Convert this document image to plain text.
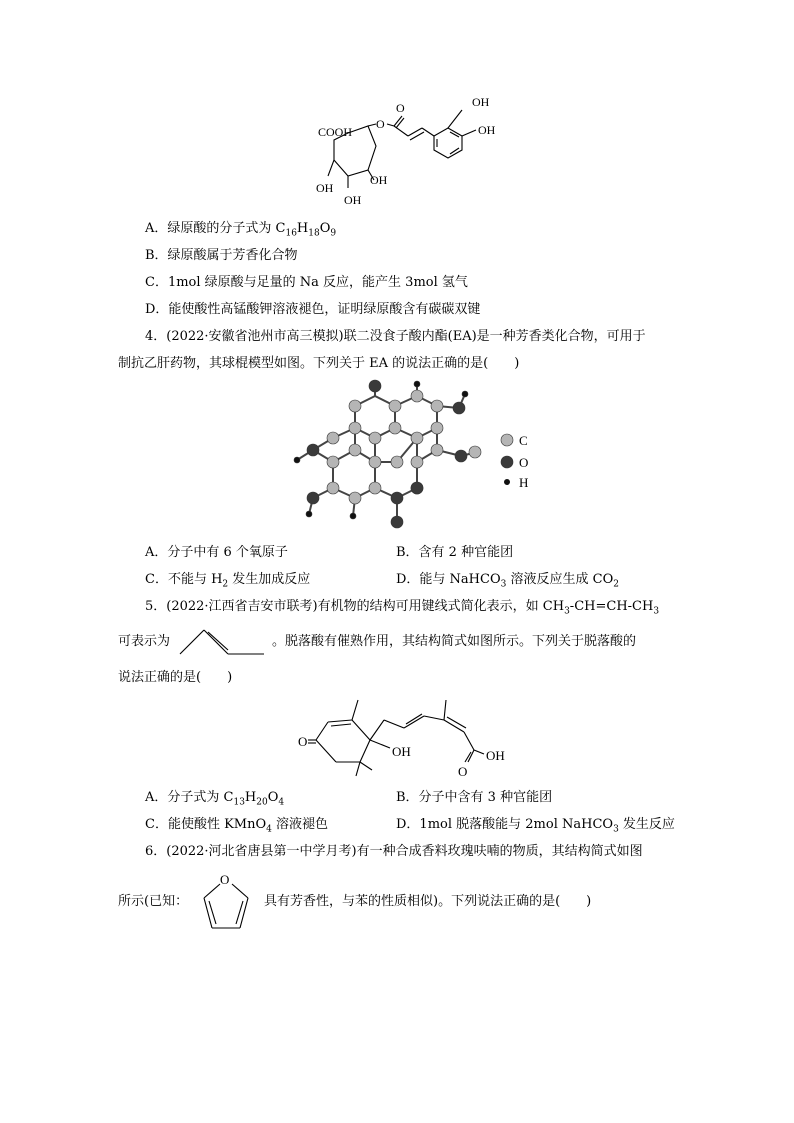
OH
OH
COOH
O
O
OH
OH
OH
A．绿原酸的分子式为 $C_{16}H_{18}O_9$
B．绿原酸属于芳香化合物
C．1mol 绿原酸与足量的 Na 反应，能产生 3mol 氢气
D．能使酸性高锰酸钾溶液褪色，证明绿原酸含有碳碳双键
4．(2022·安徽省池州市高三模拟)联二没食子酸内酯(EA)是一种芳香类化合物，可用于
制抗乙肝药物，其球棍模型如图。下列关于 EA 的说法正确的是(　　)
C
O
H
A．分子中有 6 个氧原子	B．含有 2 种官能团
C．不能与 $H_2$ 发生加成反应	D．能与 NaHCO$_3$ 溶液反应生成 $CO_2$
5．(2022·江西省吉安市联考)有机物的结构可用键线式简化表示，如 $CH_3-CH=CH-CH_3$
可表示为	。脱落酸有催熟作用，其结构简式如图所示。下列关于脱落酸的
说法正确的是(　　)
O
OH
O
OH
A．分子式为 $C_{13}H_{20}O_4$	B．分子中含有 3 种官能团
C．能使酸性 KMnO$_4$ 溶液褪色	D．1mol 脱落酸能与 2mol NaHCO$_3$ 发生反应
6．(2022·河北省唐县第一中学月考)有一种合成香料玫瑰呋喃的物质，其结构简式如图
所示(已知：
O
具有芳香性，与苯的性质相似)。下列说法正确的是(　　)
